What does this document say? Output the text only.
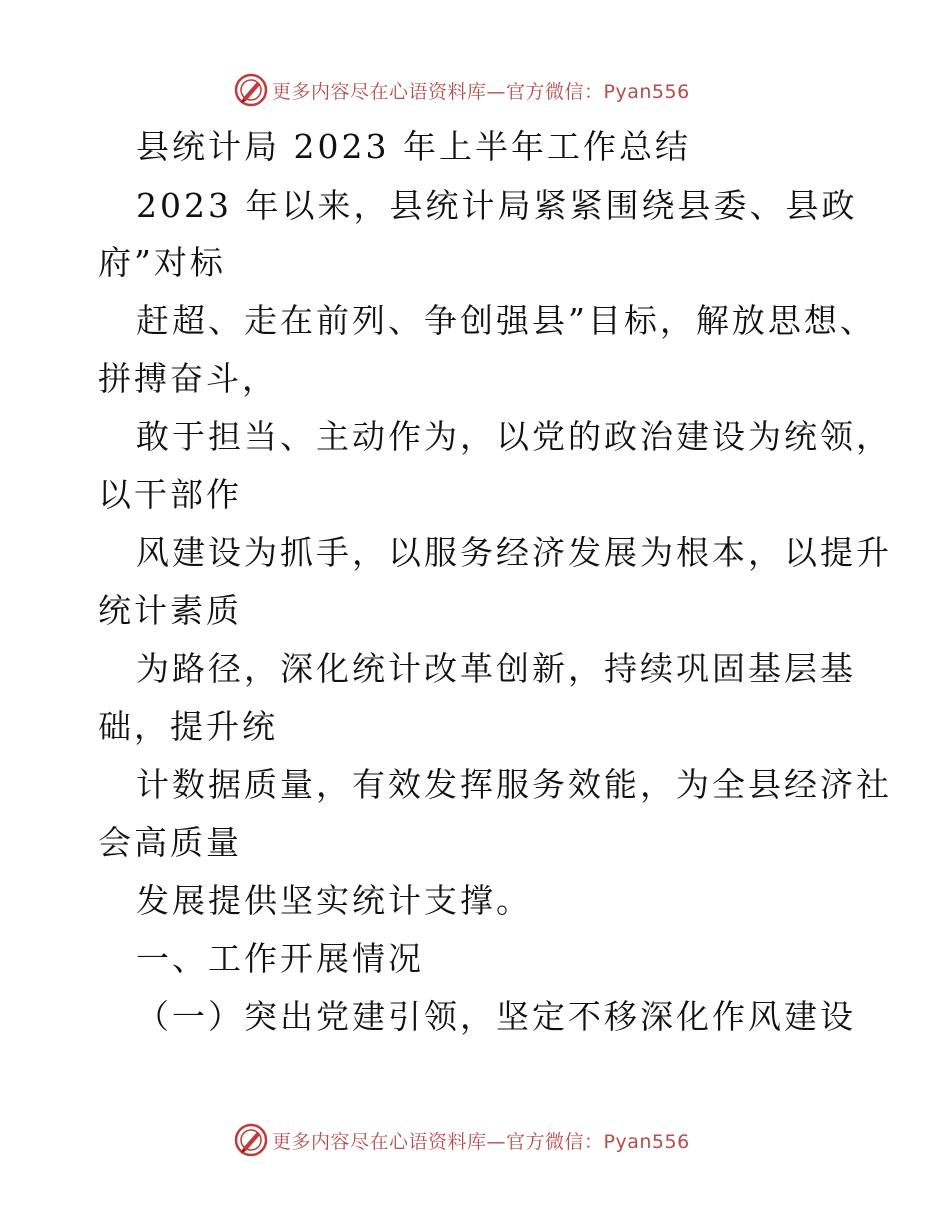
更多内容尽在心语资料库—官方微信：Pyan556
县统计局 2023 年上半年工作总结
2023 年以来，县统计局紧紧围绕县委、县政
府”对标
赶超、走在前列、争创强县”目标，解放思想、
拼搏奋斗，
敢于担当、主动作为，以党的政治建设为统领，
以干部作
风建设为抓手，以服务经济发展为根本，以提升
统计素质
为路径，深化统计改革创新，持续巩固基层基
础，提升统
计数据质量，有效发挥服务效能，为全县经济社
会高质量
发展提供坚实统计支撑。
一、工作开展情况
（一）突出党建引领，坚定不移深化作风建设
更多内容尽在心语资料库—官方微信：Pyan556
